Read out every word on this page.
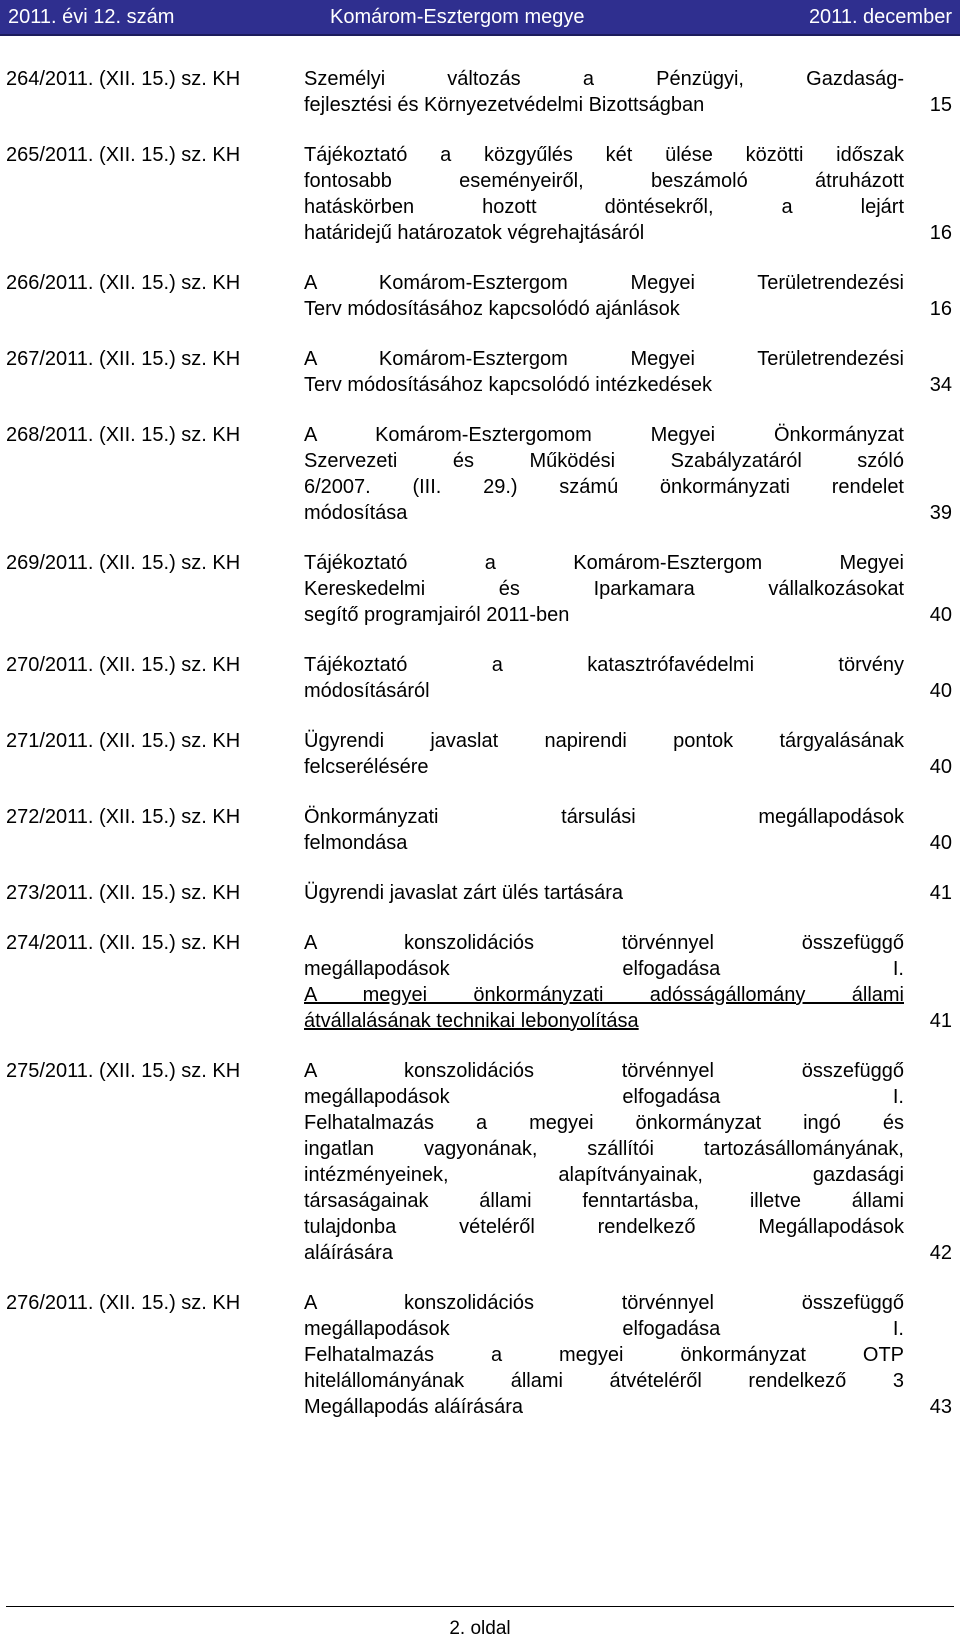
2011. évi 12. szám	Komárom-Esztergom megye	2011. december
264/2011. (XII. 15.) sz. KH	Személyi változás a Pénzügyi, Gazdaság-
fejlesztési és Környezetvédelmi Bizottságban	15
265/2011. (XII. 15.) sz. KH	Tájékoztató a közgyűlés két ülése közötti időszak
fontosabb eseményeiről, beszámoló átruházott
hatáskörben hozott döntésekről, a lejárt
határidejű határozatok végrehajtásáról	16
266/2011. (XII. 15.) sz. KH	A Komárom-Esztergom Megyei Területrendezési
Terv módosításához kapcsolódó ajánlások	16
267/2011. (XII. 15.) sz. KH	A Komárom-Esztergom Megyei Területrendezési
Terv módosításához kapcsolódó intézkedések	34
268/2011. (XII. 15.) sz. KH	A Komárom-Esztergomom Megyei Önkormányzat
Szervezeti és Működési Szabályzatáról szóló
6/2007. (III. 29.) számú önkormányzati rendelet
módosítása	39
269/2011. (XII. 15.) sz. KH	Tájékoztató a Komárom-Esztergom Megyei
Kereskedelmi és Iparkamara vállalkozásokat
segítő programjairól 2011-ben	40
270/2011. (XII. 15.) sz. KH	Tájékoztató a katasztrófavédelmi törvény
módosításáról	40
271/2011. (XII. 15.) sz. KH	Ügyrendi javaslat napirendi pontok tárgyalásának
felcserélésére	40
272/2011. (XII. 15.) sz. KH	Önkormányzati társulási megállapodások
felmondása	40
273/2011. (XII. 15.) sz. KH	Ügyrendi javaslat zárt ülés tartására	41
274/2011. (XII. 15.) sz. KH	A konszolidációs törvénnyel összefüggő
megállapodások elfogadása I.
A megyei önkormányzati adósságállomány állami
átvállalásának technikai lebonyolítása	41
275/2011. (XII. 15.) sz. KH	A konszolidációs törvénnyel összefüggő
megállapodások elfogadása I.
Felhatalmazás a megyei önkormányzat ingó és
ingatlan vagyonának, szállítói tartozásállományának,
intézményeinek, alapítványainak, gazdasági
társaságainak állami fenntartásba, illetve állami
tulajdonba vételéről rendelkező Megállapodások
aláírására	42
276/2011. (XII. 15.) sz. KH	A konszolidációs törvénnyel összefüggő
megállapodások elfogadása I.
Felhatalmazás a megyei önkormányzat OTP
hitelállományának állami átvételéről rendelkező 3
Megállapodás aláírására	43
2. oldal
